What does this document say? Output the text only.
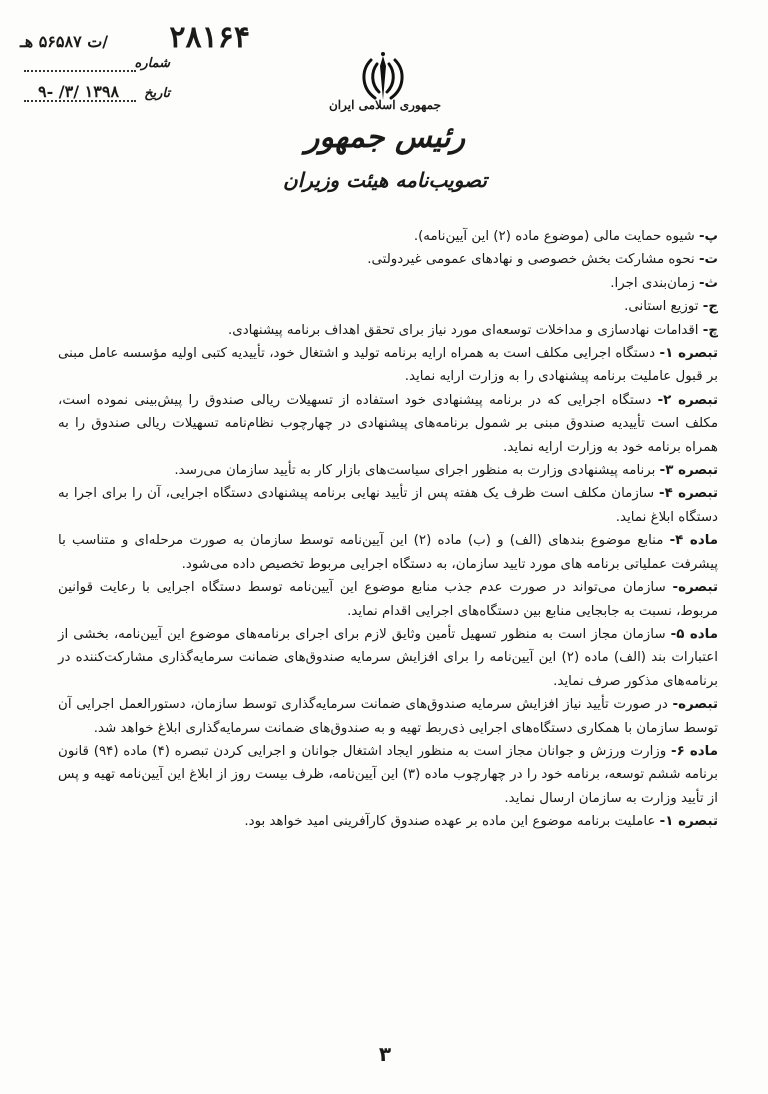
۲۸۱۶۴
/ت ۵۶۵۸۷ هـ
شماره
تاریخ
۱۳۹۸ /۳/ -۹
جمهوری اسلامی ایران
رئیس جمهور
تصویب‌نامه هیئت وزیران

پ- شیوه حمایت مالی (موضوع ماده (۲) این آیین‌نامه).

ت- نحوه مشارکت بخش خصوصی و نهادهای عمومی غیردولتی.

ث- زمان‌بندی اجرا.

ج- توزیع استانی.

چ- اقدامات نهادسازی و مداخلات توسعه‌ای مورد نیاز برای تحقق اهداف برنامه پیشنهادی.

تبصره ۱- دستگاه اجرایی مکلف است به همراه ارایه برنامه تولید و اشتغال خود، تأییدیه کتبی اولیه مؤسسه عامل مبنی بر قبول عاملیت برنامه پیشنهادی را به وزارت ارایه نماید.

تبصره ۲- دستگاه اجرایی که در برنامه پیشنهادی خود استفاده از تسهیلات ریالی صندوق را پیش‌بینی نموده است، مکلف است تأییدیه صندوق مبنی بر شمول برنامه‌های پیشنهادی در چهارچوب نظام‌نامه تسهیلات ریالی صندوق را به همراه برنامه خود به وزارت ارایه نماید.

تبصره ۳- برنامه پیشنهادی وزارت به منظور اجرای سیاست‌های بازار کار به تأیید سازمان می‌رسد.

تبصره ۴- سازمان مکلف است ظرف یک هفته پس از تأیید نهایی برنامه پیشنهادی دستگاه اجرایی، آن را برای اجرا به دستگاه ابلاغ نماید.

ماده ۴- منابع موضوع بندهای (الف) و (ب) ماده (۲) این آیین‌نامه توسط سازمان به صورت مرحله‌ای و متناسب با پیشرفت عملیاتی برنامه های مورد تایید سازمان، به دستگاه اجرایی مربوط تخصیص داده می‌شود.

تبصره- سازمان می‌تواند در صورت عدم جذب منابع موضوع این آیین‌نامه توسط دستگاه اجرایی با رعایت قوانین مربوط، نسبت به جابجایی منابع بین دستگاه‌های اجرایی اقدام نماید.

ماده ۵- سازمان مجاز است به منظور تسهیل تأمین وثایق لازم برای اجرای برنامه‌های موضوع این آیین‌نامه، بخشی از اعتبارات بند (الف) ماده (۲) این آیین‌نامه را برای افزایش سرمایه صندوق‌های ضمانت سرمایه‌گذاری مشارکت‌کننده در برنامه‌های مذکور صرف نماید.

تبصره- در صورت تأیید نیاز افزایش سرمایه صندوق‌های ضمانت سرمایه‌گذاری توسط سازمان، دستورالعمل اجرایی آن توسط سازمان با همکاری دستگاه‌های اجرایی ذی‌ربط تهیه و به صندوق‌های ضمانت سرمایه‌گذاری ابلاغ خواهد شد.

ماده ۶- وزارت ورزش و جوانان مجاز است به منظور ایجاد اشتغال جوانان و اجرایی کردن تبصره (۴) ماده (۹۴) قانون برنامه ششم توسعه، برنامه خود را در چهارچوب ماده (۳) این آیین‌نامه، ظرف بیست روز از ابلاغ این آیین‌نامه تهیه و پس از تأیید وزارت به سازمان ارسال نماید.

تبصره ۱- عاملیت برنامه موضوع این ماده بر عهده صندوق کارآفرینی امید خواهد بود.

۳
